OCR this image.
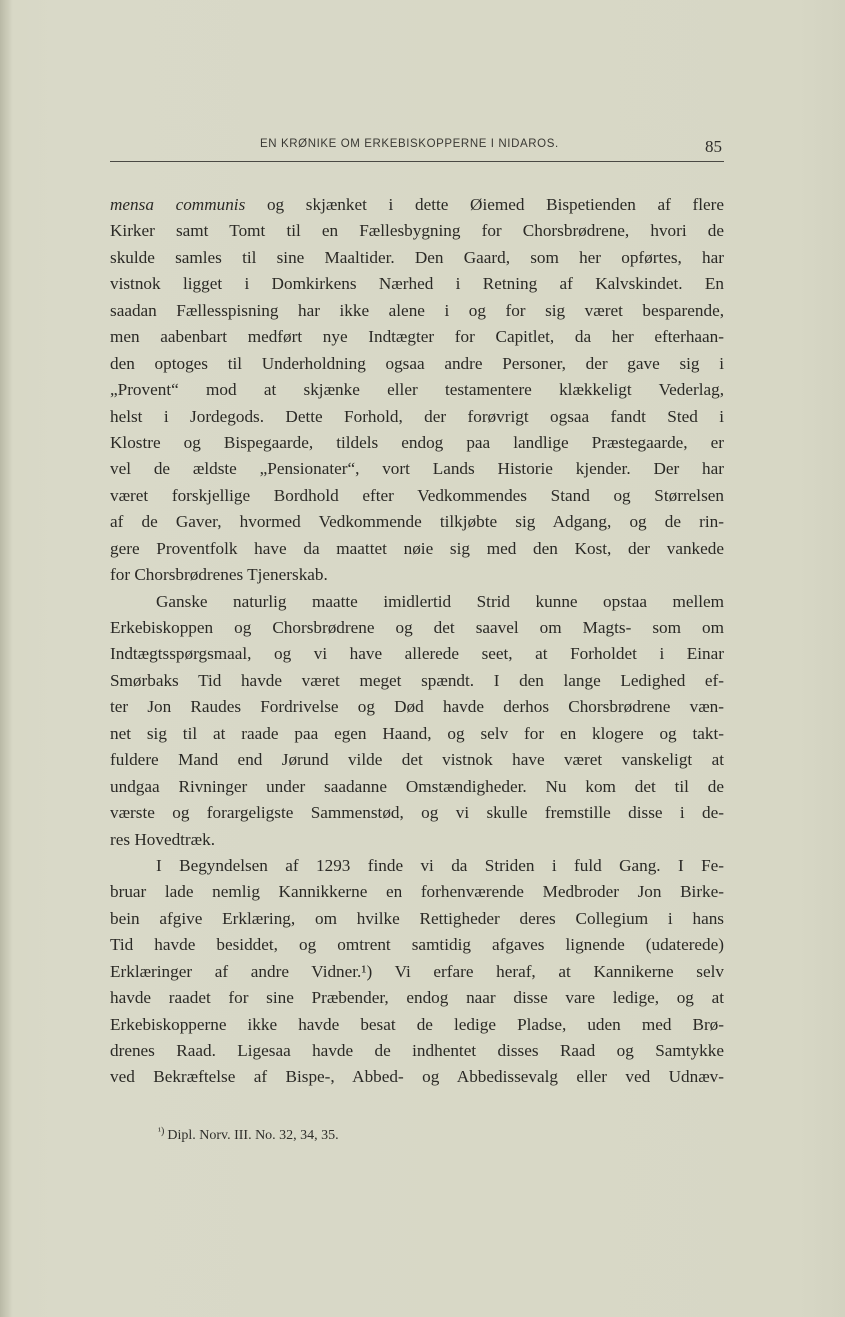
EN KRØNIKE OM ERKEBISKOPPERNE I NIDAROS.	85
mensa communis og skjænket i dette Øiemed Bispetienden af flere
Kirker samt Tomt til en Fællesbygning for Chorsbrødrene, hvori de
skulde samles til sine Maaltider. Den Gaard, som her opførtes, har
vistnok ligget i Domkirkens Nærhed i Retning af Kalvskindet. En
saadan Fællesspisning har ikke alene i og for sig været besparende,
men aabenbart medført nye Indtægter for Capitlet, da her efterhaan-
den optoges til Underholdning ogsaa andre Personer, der gave sig i
„Provent“ mod at skjænke eller testamentere klækkeligt Vederlag,
helst i Jordegods. Dette Forhold, der forøvrigt ogsaa fandt Sted i
Klostre og Bispegaarde, tildels endog paa landlige Præstegaarde, er
vel de ældste „Pensionater“, vort Lands Historie kjender. Der har
været forskjellige Bordhold efter Vedkommendes Stand og Størrelsen
af de Gaver, hvormed Vedkommende tilkjøbte sig Adgang, og de rin-
gere Proventfolk have da maattet nøie sig med den Kost, der vankede
for Chorsbrødrenes Tjenerskab.
Ganske naturlig maatte imidlertid Strid kunne opstaa mellem
Erkebiskoppen og Chorsbrødrene og det saavel om Magts- som om
Indtægtsspørgsmaal, og vi have allerede seet, at Forholdet i Einar
Smørbaks Tid havde været meget spændt. I den lange Ledighed ef-
ter Jon Raudes Fordrivelse og Død havde derhos Chorsbrødrene væn-
net sig til at raade paa egen Haand, og selv for en klogere og takt-
fuldere Mand end Jørund vilde det vistnok have været vanskeligt at
undgaa Rivninger under saadanne Omstændigheder. Nu kom det til de
værste og forargeligste Sammenstød, og vi skulle fremstille disse i de-
res Hovedtræk.
I Begyndelsen af 1293 finde vi da Striden i fuld Gang. I Fe-
bruar lade nemlig Kannikkerne en forhenværende Medbroder Jon Birke-
bein afgive Erklæring, om hvilke Rettigheder deres Collegium i hans
Tid havde besiddet, og omtrent samtidig afgaves lignende (udaterede)
Erklæringer af andre Vidner.¹) Vi erfare heraf, at Kannikerne selv
havde raadet for sine Præbender, endog naar disse vare ledige, og at
Erkebiskopperne ikke havde besat de ledige Pladse, uden med Brø-
drenes Raad. Ligesaa havde de indhentet disses Raad og Samtykke
ved Bekræftelse af Bispe-, Abbed- og Abbedissevalg eller ved Udnæv-
$^{^1)}$ Dipl. Norv. III. No. 32, 34, 35.
